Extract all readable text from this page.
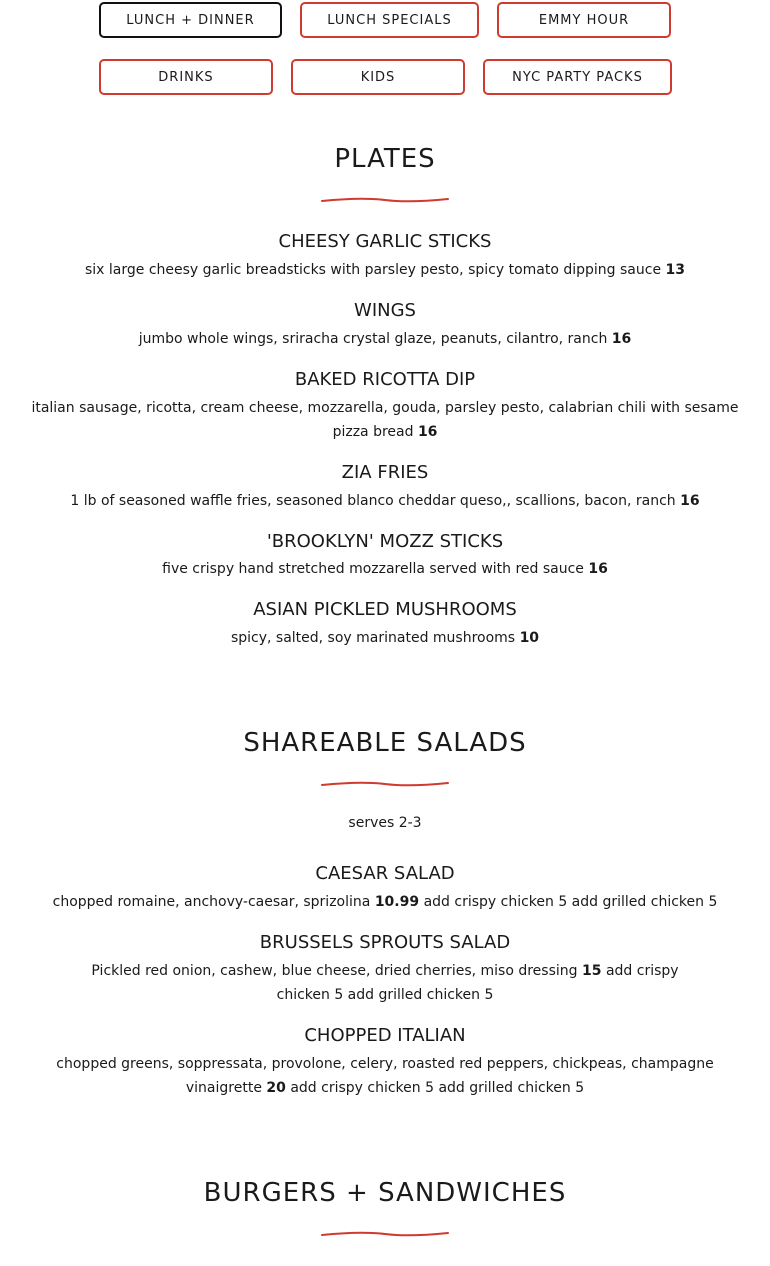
LUNCH + DINNER	LUNCH SPECIALS	EMMY HOUR
DRINKS	KIDS	NYC PARTY PACKS
PLATES
CHEESY GARLIC STICKS

six large cheesy garlic breadsticks with parsley pesto, spicy tomato dipping sauce 13

WINGS

jumbo whole wings, sriracha crystal glaze, peanuts, cilantro, ranch 16

BAKED RICOTTA DIP

italian sausage, ricotta, cream cheese, mozzarella, gouda, parsley pesto, calabrian chili with sesame pizza bread 16

ZIA FRIES

1 lb of seasoned waffle fries, seasoned blanco cheddar queso,, scallions, bacon, ranch 16

'BROOKLYN' MOZZ STICKS

five crispy hand stretched mozzarella served with red sauce 16

ASIAN PICKLED MUSHROOMS

spicy, salted, soy marinated mushrooms 10

SHAREABLE SALADS
serves 2-3
CAESAR SALAD

chopped romaine, anchovy-caesar, sprizolina 10.99 add crispy chicken 5 add grilled chicken 5

BRUSSELS SPROUTS SALAD

Pickled red onion, cashew, blue cheese, dried cherries, miso dressing 15 add crispy chicken 5 add grilled chicken 5

CHOPPED ITALIAN

chopped greens, soppressata, provolone, celery, roasted red peppers, chickpeas, champagne vinaigrette 20 add crispy chicken 5 add grilled chicken 5

BURGERS + SANDWICHES
